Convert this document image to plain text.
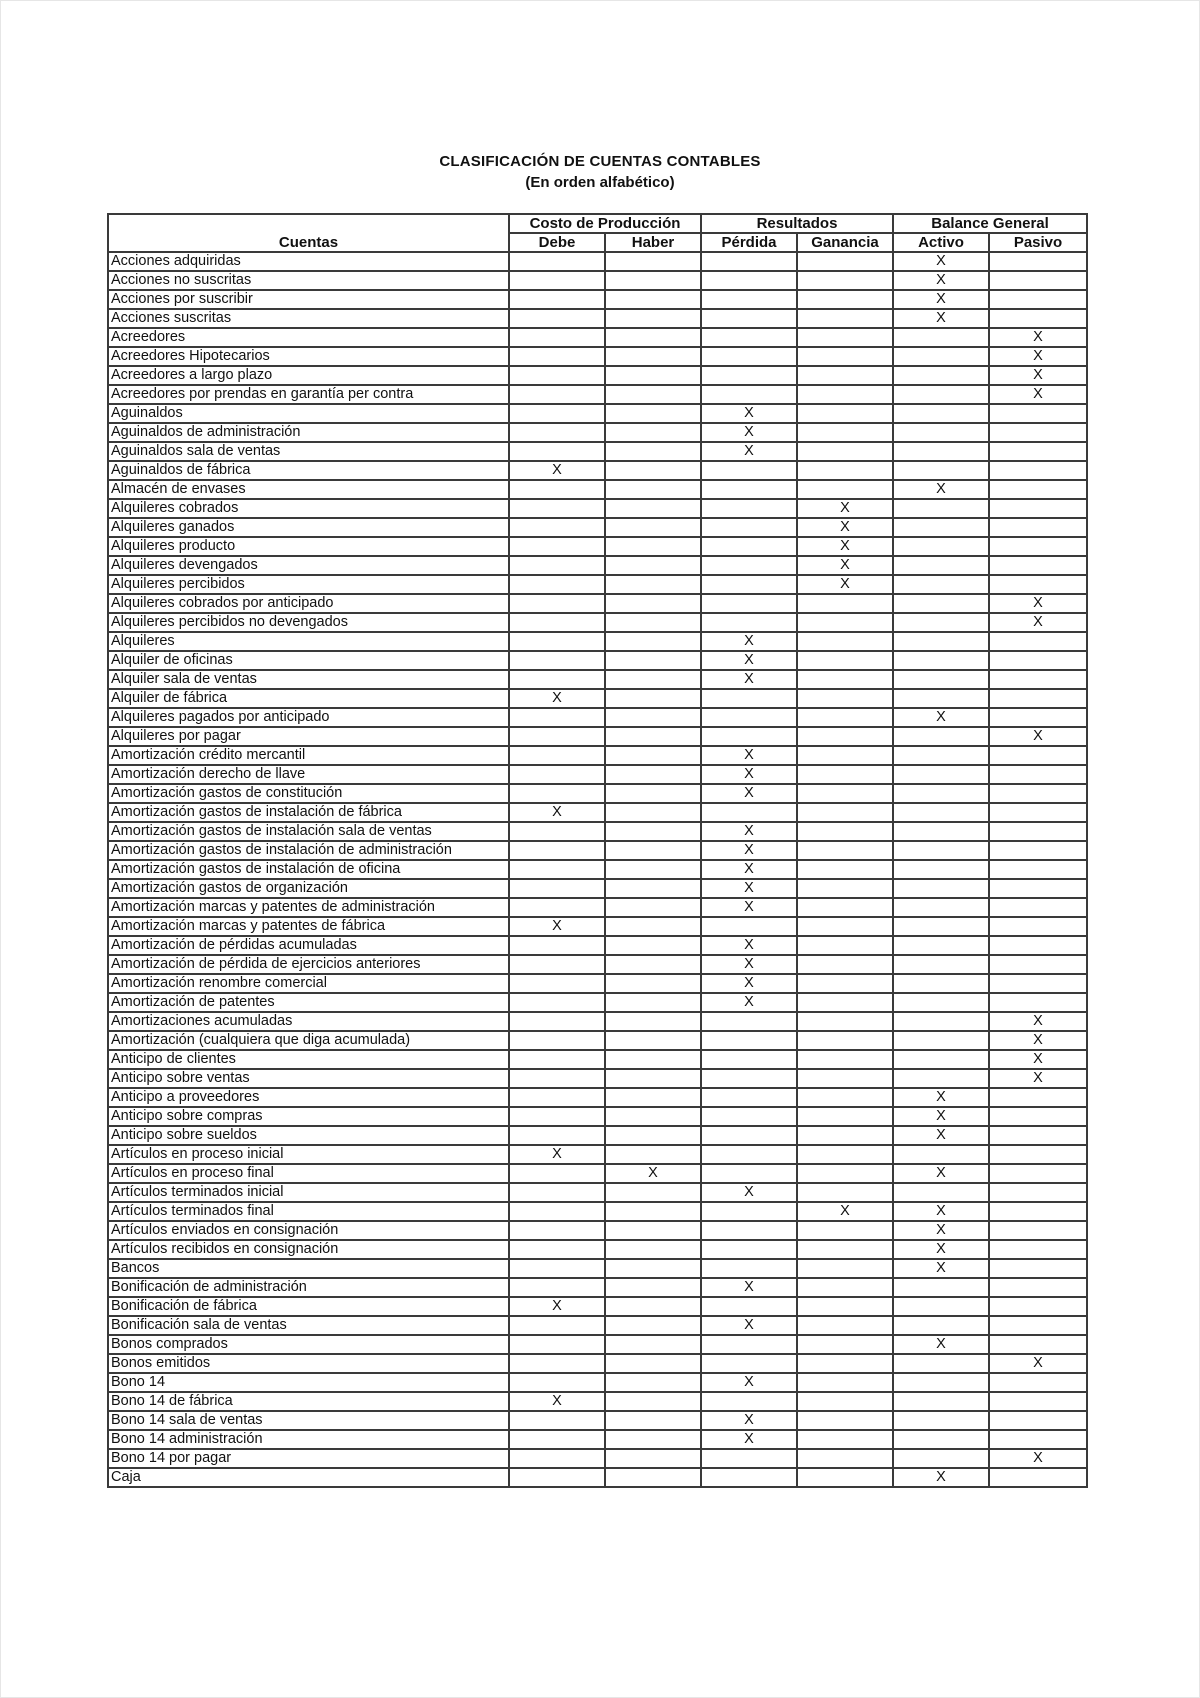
CLASIFICACIÓN DE CUENTAS CONTABLES
(En orden alfabético)
Cuentas	Costo de Producción		Resultados		Balance General	
	Debe	Haber	Pérdida	Ganancia	Activo	Pasivo
Acciones adquiridas					X	
Acciones no suscritas					X	
Acciones por suscribir					X	
Acciones suscritas					X	
Acreedores						X
Acreedores Hipotecarios						X
Acreedores a largo plazo						X
Acreedores por prendas en garantía per contra						X
Aguinaldos			X			
Aguinaldos de administración			X			
Aguinaldos sala de ventas			X			
Aguinaldos de fábrica	X					
Almacén de envases					X	
Alquileres cobrados				X		
Alquileres ganados				X		
Alquileres producto				X		
Alquileres devengados				X		
Alquileres percibidos				X		
Alquileres cobrados por anticipado						X
Alquileres percibidos no devengados						X
Alquileres			X			
Alquiler de oficinas			X			
Alquiler sala de ventas			X			
Alquiler de fábrica	X					
Alquileres pagados por anticipado					X	
Alquileres por pagar						X
Amortización crédito mercantil			X			
Amortización derecho de llave			X			
Amortización gastos de constitución			X			
Amortización gastos de instalación de fábrica	X					
Amortización gastos de instalación sala de ventas			X			
Amortización gastos de instalación de administración			X			
Amortización gastos de instalación de oficina			X			
Amortización gastos de organización			X			
Amortización marcas y patentes de administración			X			
Amortización marcas y patentes de fábrica	X					
Amortización de pérdidas acumuladas			X			
Amortización de pérdida de ejercicios anteriores			X			
Amortización renombre comercial			X			
Amortización de patentes			X			
Amortizaciones acumuladas						X
Amortización (cualquiera que diga acumulada)						X
Anticipo de clientes						X
Anticipo sobre ventas						X
Anticipo a proveedores					X	
Anticipo sobre compras					X	
Anticipo sobre sueldos					X	
Artículos en proceso inicial	X					
Artículos en proceso final		X			X	
Artículos terminados inicial			X			
Artículos terminados final				X	X	
Artículos enviados en consignación					X	
Artículos recibidos en consignación					X	
Bancos					X	
Bonificación de administración			X			
Bonificación de fábrica	X					
Bonificación sala de ventas			X			
Bonos comprados					X	
Bonos emitidos						X
Bono 14			X			
Bono 14 de fábrica	X					
Bono 14 sala de ventas			X			
Bono 14 administración			X			
Bono 14 por pagar						X
Caja					X	
